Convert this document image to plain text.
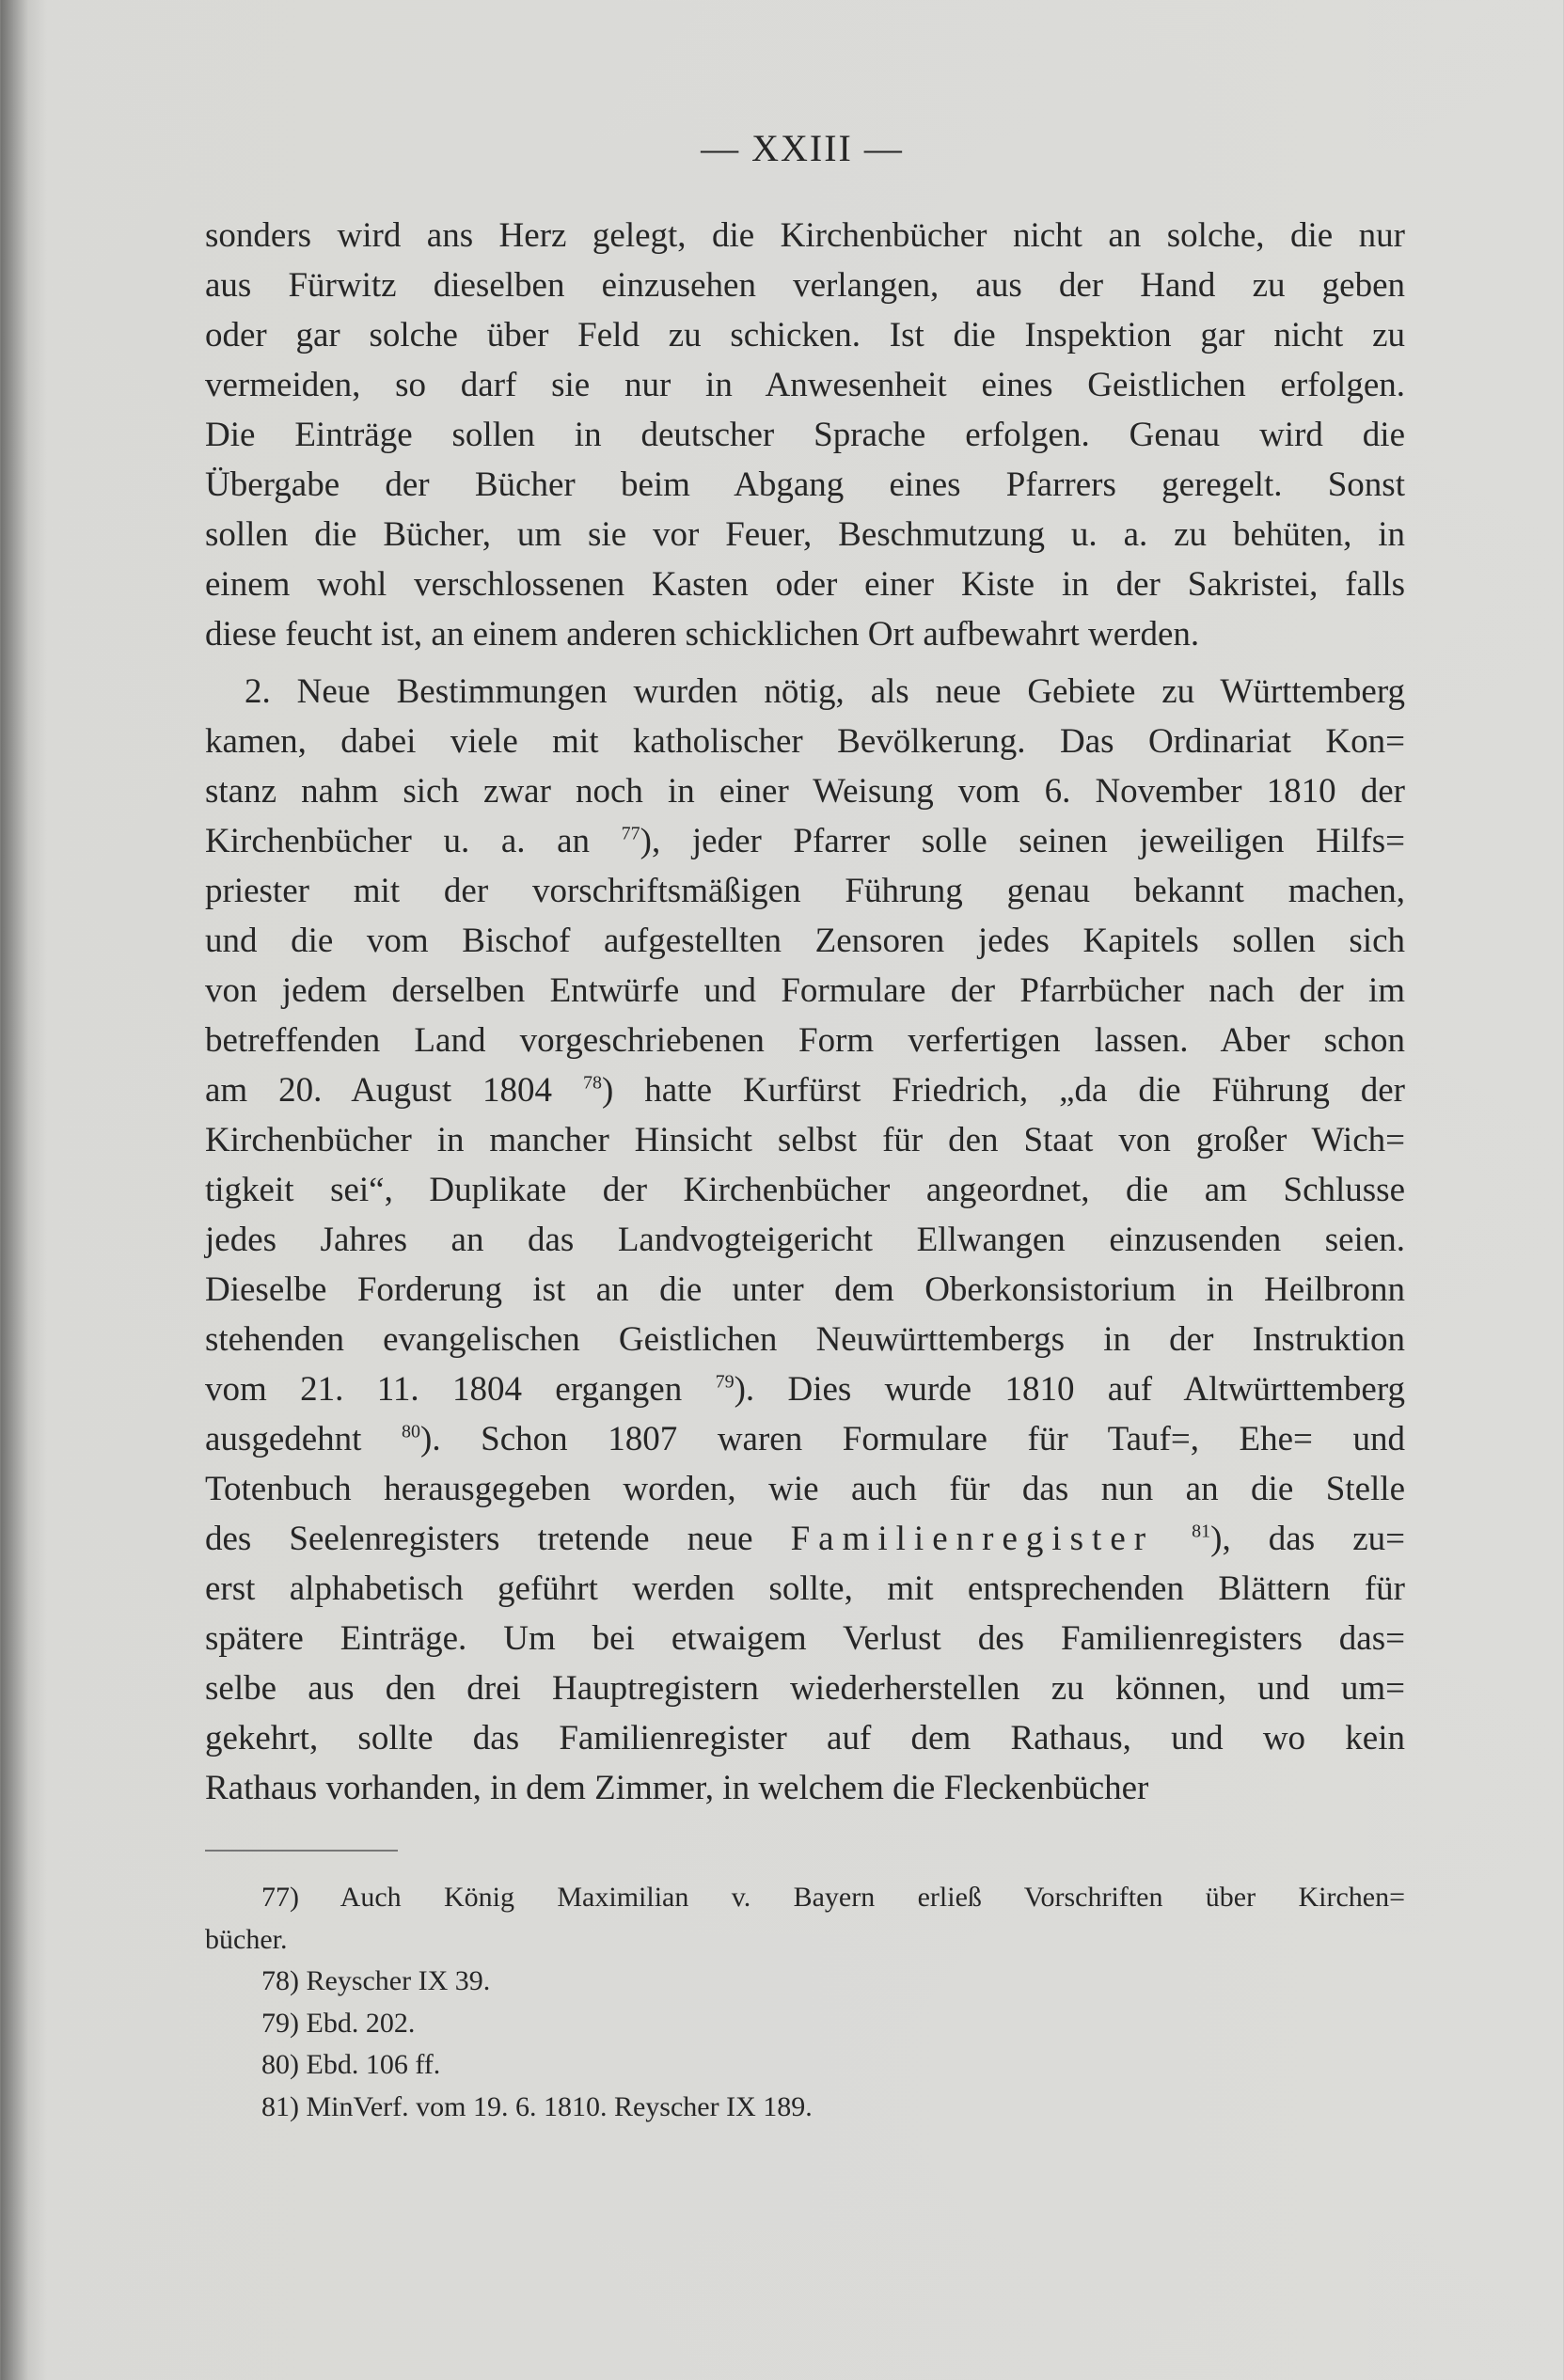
— XXIII —
sonders wird ans Herz gelegt, die Kirchenbücher nicht an solche, die nur
aus Fürwitz dieselben einzusehen verlangen, aus der Hand zu geben
oder gar solche über Feld zu schicken. Ist die Inspektion gar nicht zu
vermeiden, so darf sie nur in Anwesenheit eines Geistlichen erfolgen.
Die Einträge sollen in deutscher Sprache erfolgen. Genau wird die
Übergabe der Bücher beim Abgang eines Pfarrers geregelt. Sonst
sollen die Bücher, um sie vor Feuer, Beschmutzung u. a. zu behüten, in
einem wohl verschlossenen Kasten oder einer Kiste in der Sakristei, falls
diese feucht ist, an einem anderen schicklichen Ort aufbewahrt werden.
2. Neue Bestimmungen wurden nötig, als neue Gebiete zu Württemberg
kamen, dabei viele mit katholischer Bevölkerung. Das Ordinariat Kon=
stanz nahm sich zwar noch in einer Weisung vom 6. November 1810 der
Kirchenbücher u. a. an $^{77}$), jeder Pfarrer solle seinen jeweiligen Hilfs=
priester mit der vorschriftsmäßigen Führung genau bekannt machen,
und die vom Bischof aufgestellten Zensoren jedes Kapitels sollen sich
von jedem derselben Entwürfe und Formulare der Pfarrbücher nach der im
betreffenden Land vorgeschriebenen Form verfertigen lassen. Aber schon
am 20. August 1804 $^{78}$) hatte Kurfürst Friedrich, „da die Führung der
Kirchenbücher in mancher Hinsicht selbst für den Staat von großer Wich=
tigkeit sei“, Duplikate der Kirchenbücher angeordnet, die am Schlusse
jedes Jahres an das Landvogteigericht Ellwangen einzusenden seien.
Dieselbe Forderung ist an die unter dem Oberkonsistorium in Heilbronn
stehenden evangelischen Geistlichen Neuwürttembergs in der Instruktion
vom 21. 11. 1804 ergangen $^{79}$). Dies wurde 1810 auf Altwürttemberg
ausgedehnt $^{80}$). Schon 1807 waren Formulare für Tauf=, Ehe= und
Totenbuch herausgegeben worden, wie auch für das nun an die Stelle
des Seelenregisters tretende neue Familienregister $^{81}$), das zu=
erst alphabetisch geführt werden sollte, mit entsprechenden Blättern für
spätere Einträge. Um bei etwaigem Verlust des Familienregisters das=
selbe aus den drei Hauptregistern wiederherstellen zu können, und um=
gekehrt, sollte das Familienregister auf dem Rathaus, und wo kein
Rathaus vorhanden, in dem Zimmer, in welchem die Fleckenbücher
77) Auch König Maximilian v. Bayern erließ Vorschriften über Kirchen=
bücher.
78) Reyscher IX 39.
79) Ebd. 202.
80) Ebd. 106 ff.
81) MinVerf. vom 19. 6. 1810. Reyscher IX 189.
